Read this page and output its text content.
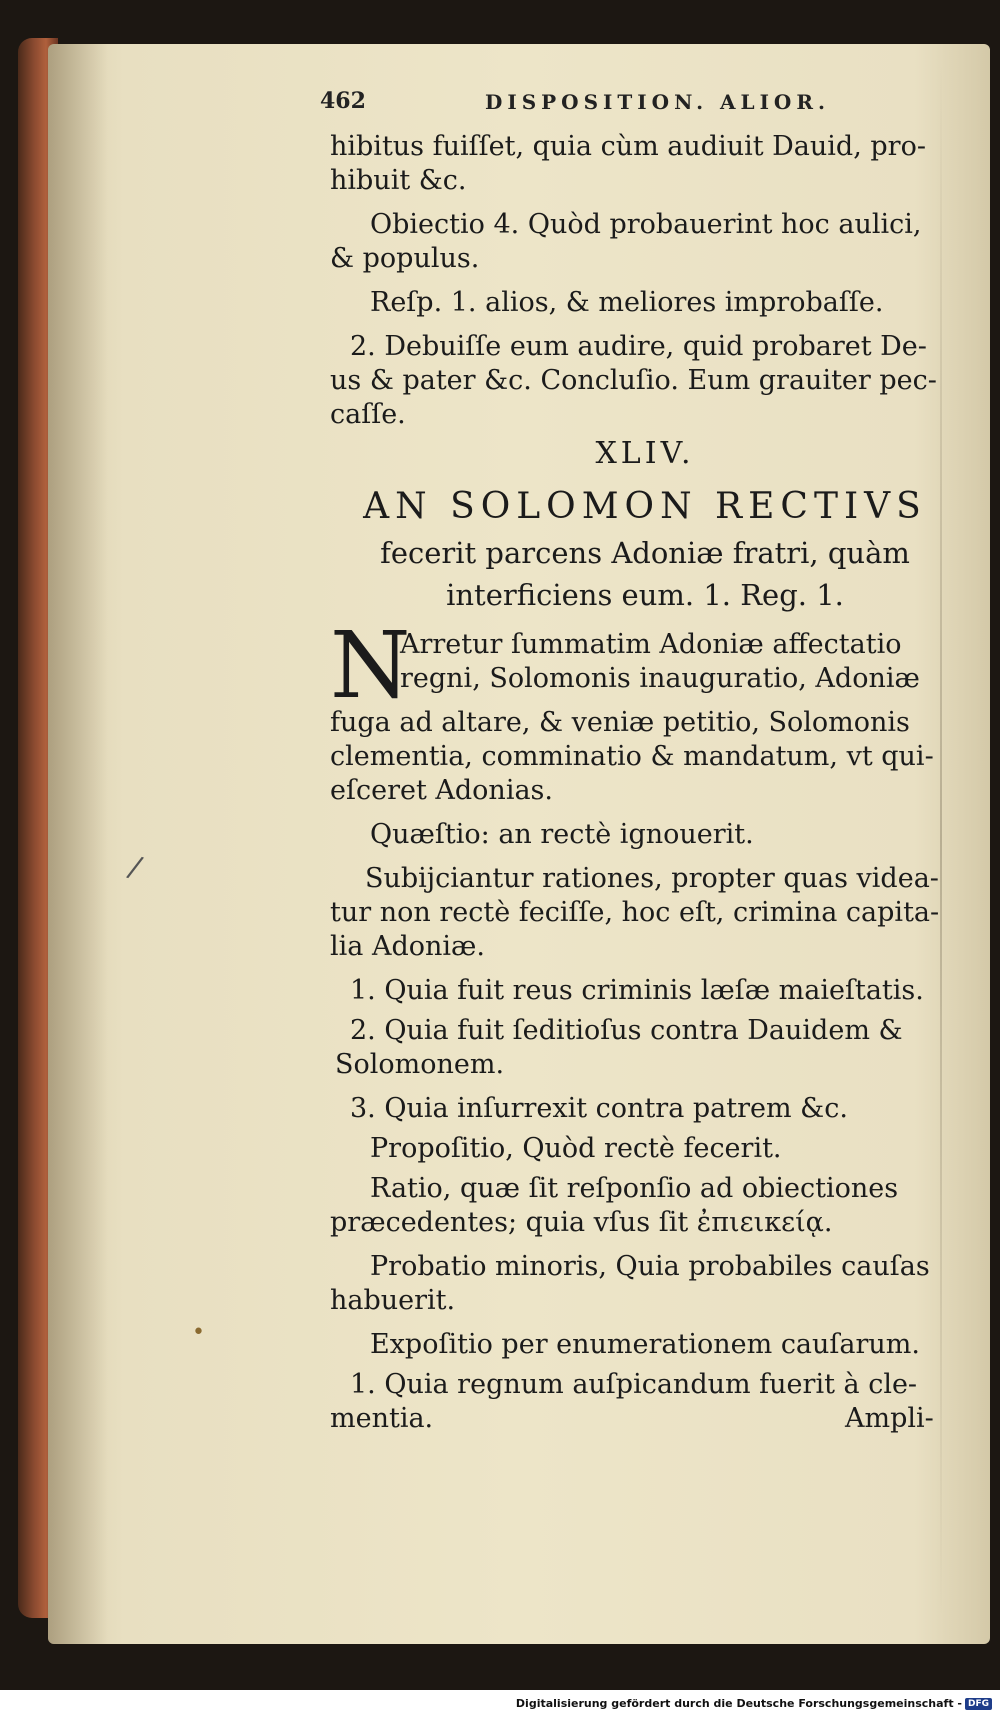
462	DISPOSITION. ALIOR.
hibitus fuiſſet, quia cùm audiuit Dauid, pro-
hibuit &c.
Obiectio 4. Quòd probauerint hoc aulici,
& populus.
Reſp. 1. alios, & meliores improbaſſe.
2. Debuiſſe eum audire, quid probaret De-
us & pater &c. Concluſio. Eum grauiter pec-
caſſe.
XLIV.
AN SOLOMON RECTIVS
fecerit parcens Adoniæ fratri, quàm
interficiens eum. 1. Reg. 1.
N
Arretur ſummatim Adoniæ affectatio
regni, Solomonis inauguratio, Adoniæ
fuga ad altare, & veniæ petitio, Solomonis
clementia, comminatio & mandatum, vt qui-
eſceret Adonias.
Quæſtio: an rectè ignouerit.
Subijciantur rationes, propter quas videa-
tur non rectè feciſſe, hoc eſt, crimina capita-
lia Adoniæ.
1. Quia fuit reus criminis læſæ maieſtatis.
2. Quia fuit ſeditioſus contra Dauidem &
Solomonem.
3. Quia inſurrexit contra patrem &c.
Propoſitio, Quòd rectè fecerit.
Ratio, quæ ſit reſponſio ad obiectiones
præcedentes; quia vſus ſit ἐπιεικείᾳ.
Probatio minoris, Quia probabiles cauſas
habuerit.
Expoſitio per enumerationem cauſarum.
1. Quia regnum auſpicandum fuerit à cle-
mentia.	Ampli-
/
•
Digitalisierung gefördert durch die Deutsche Forschungsgemeinschaft - DFG
